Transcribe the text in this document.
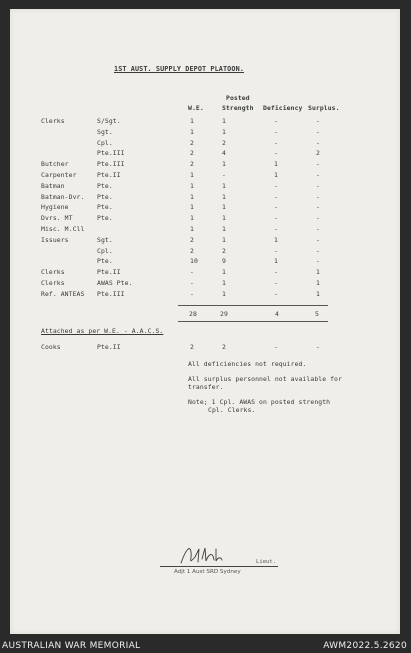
1ST AUST. SUPPLY DEPOT PLATOON.
Posted
W.E.	Strength Deficiency Surplus.
Clerks	S/Sgt.	1	1	-	-
Sgt.	1	1	-	-
Cpl.	2	2	-	-
Pte.III	2	4	-	2
Butcher	Pte.III	2	1	1	-
Carpenter	Pte.II	1	-	1	-
Batman	Pte.	1	1	-	-
Batman-Dvr. Pte.	1	1	-	-
Hygiene	Pte.	1	1	-	-
Dvrs. MT	Pte.	1	1	-	-
Misc. M.Cll	1	1	-	-
Issuers	Sgt.	2	1	1	-
Cpl.	2	2	-	-
Pte.	10	9	1	-
Clerks	Pte.II	-	1	-	1
Clerks	AWAS Pte.	-	1	-	1
Ref. ANTEAS Pte.III	-	1	-	1
28	29	4	5
Attached as per W.E. - A.A.C.S.
Cooks	Pte.II	2	2	-	-
All deficiencies not required.
All surplus personnel not available for
transfer.
Note; 1 Cpl. AWAS on posted strength
Cpl. Clerks.
Lieut.
Adjt 1 Aust SRD Sydney
AUSTRALIAN WAR MEMORIAL	AWM2022.5.2620
